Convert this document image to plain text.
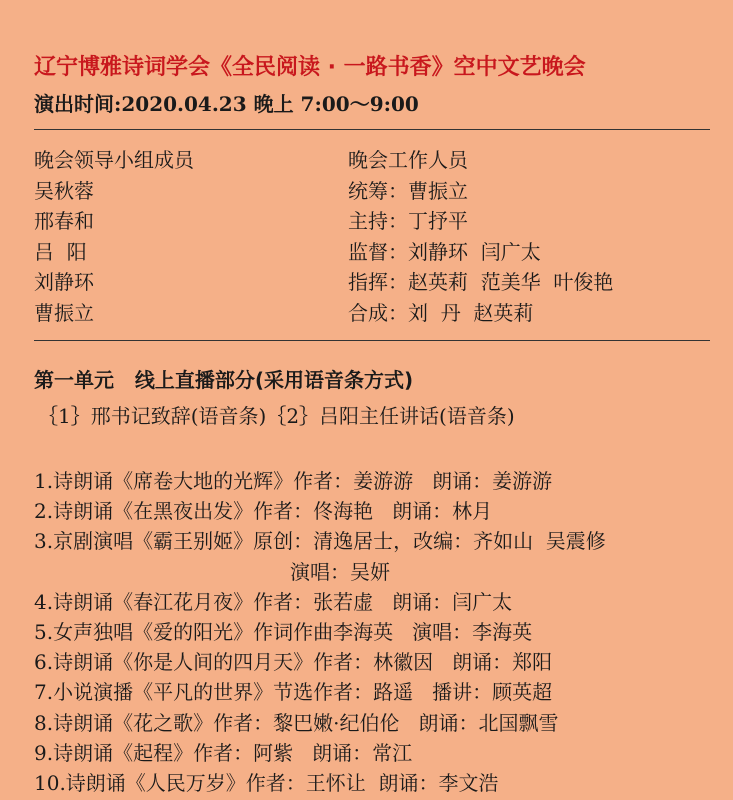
辽宁博雅诗词学会《全民阅读 · 一路书香》空中文艺晚会
演出时间:2020.04.23 晚上 7:00～9:00
晚会领导小组成员
吴秋蓉
邢春和
吕  阳
刘静环
曹振立
晚会工作人员
统筹：曹振立
主持：丁抒平
监督：刘静环  闫广太
指挥：赵英莉  范美华  叶俊艳
合成：刘  丹  赵英莉
第一单元   线上直播部分(采用语音条方式)
｛1｝邢书记致辞(语音条)｛2｝吕阳主任讲话(语音条)
1.诗朗诵《席卷大地的光辉》作者：姜游游   朗诵：姜游游
2.诗朗诵《在黑夜出发》作者：佟海艳   朗诵：林月
3.京剧演唱《霸王别姬》原创：清逸居士，改编：齐如山  吴震修
演唱：吴妍
4.诗朗诵《春江花月夜》作者：张若虚   朗诵：闫广太
5.女声独唱《爱的阳光》作词作曲李海英   演唱：李海英
6.诗朗诵《你是人间的四月天》作者：林徽因   朗诵：郑阳
7.小说演播《平凡的世界》节选作者：路遥   播讲：顾英超
8.诗朗诵《花之歌》作者：黎巴嫩·纪伯伦   朗诵：北国飘雪
9.诗朗诵《起程》作者：阿紫   朗诵：常江
10.诗朗诵《人民万岁》作者：王怀让  朗诵：李文浩
